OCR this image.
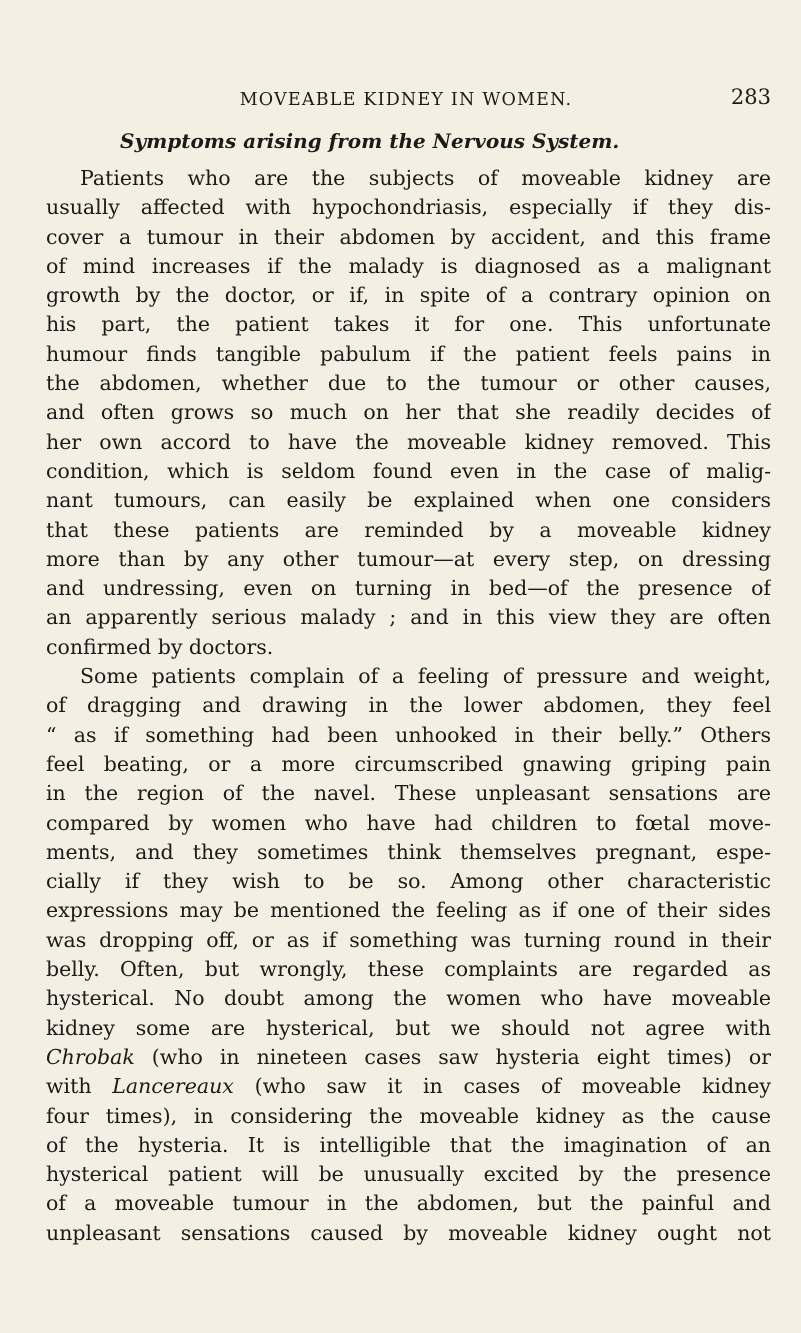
MOVEABLE KIDNEY IN WOMEN.	283
Symptoms arising from the Nervous System.

Patients who are the subjects of moveable kidney are
usually affected with hypochondriasis, especially if they dis-
cover a tumour in their abdomen by accident, and this frame
of mind increases if the malady is diagnosed as a malignant
growth by the doctor, or if, in spite of a contrary opinion on
his part, the patient takes it for one. This unfortunate
humour finds tangible pabulum if the patient feels pains in
the abdomen, whether due to the tumour or other causes,
and often grows so much on her that she readily decides of
her own accord to have the moveable kidney removed. This
condition, which is seldom found even in the case of malig-
nant tumours, can easily be explained when one considers
that these patients are reminded by a moveable kidney
more than by any other tumour—at every step, on dressing
and undressing, even on turning in bed—of the presence of
an apparently serious malady ; and in this view they are often
confirmed by doctors.

Some patients complain of a feeling of pressure and weight,
of dragging and drawing in the lower abdomen, they feel
“ as if something had been unhooked in their belly.” Others
feel beating, or a more circumscribed gnawing griping pain
in the region of the navel. These unpleasant sensations are
compared by women who have had children to fœtal move-
ments, and they sometimes think themselves pregnant, espe-
cially if they wish to be so. Among other characteristic
expressions may be mentioned the feeling as if one of their sides
was dropping off, or as if something was turning round in their
belly. Often, but wrongly, these complaints are regarded as
hysterical. No doubt among the women who have moveable
kidney some are hysterical, but we should not agree with
Chrobak (who in nineteen cases saw hysteria eight times) or
with Lancereaux (who saw it in cases of moveable kidney
four times), in considering the moveable kidney as the cause
of the hysteria. It is intelligible that the imagination of an
hysterical patient will be unusually excited by the presence
of a moveable tumour in the abdomen, but the painful and
unpleasant sensations caused by moveable kidney ought not
